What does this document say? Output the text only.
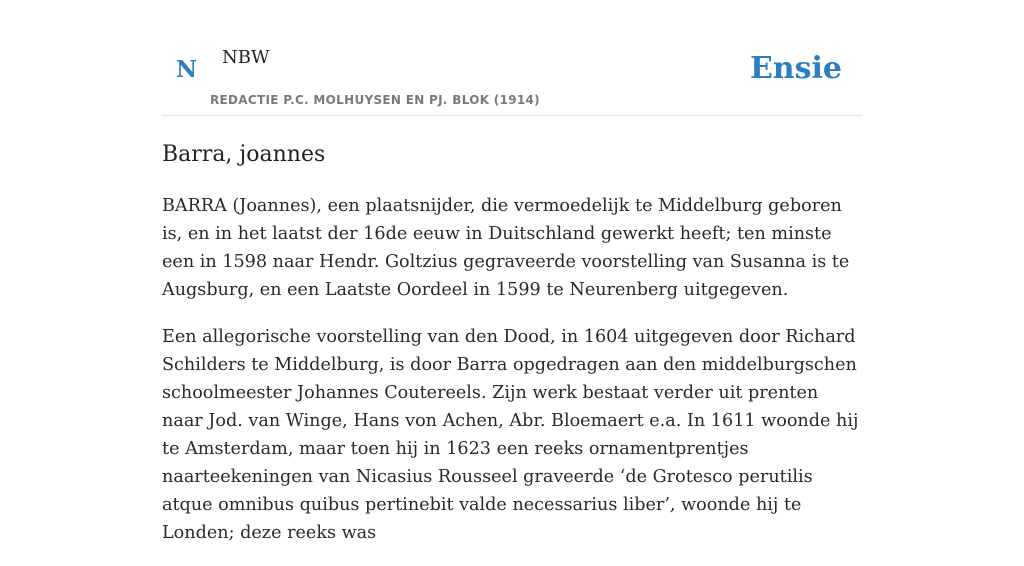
N NBW
REDACTIE P.C. MOLHUYSEN EN PJ. BLOK (1914)
Ensie
Barra, joannes

BARRA (Joannes), een plaatsnijder, die vermoedelijk te Middelburg geboren is, en in het laatst der 16de eeuw in Duitschland gewerkt heeft; ten minste een in 1598 naar Hendr. Goltzius gegraveerde voorstelling van Susanna is te Augsburg, en een Laatste Oordeel in 1599 te Neurenberg uitgegeven.

Een allegorische voorstelling van den Dood, in 1604 uitgegeven door Richard Schilders te Middelburg, is door Barra opgedragen aan den middelburgschen schoolmeester Johannes Coutereels. Zijn werk bestaat verder uit prenten naar Jod. van Winge, Hans von Achen, Abr. Bloemaert e.a. In 1611 woonde hij te Amsterdam, maar toen hij in 1623 een reeks ornamentprentjes naarteekeningen van Nicasius Rousseel graveerde ‘de Grotesco perutilis atque omnibus quibus pertinebit valde necessarius liber’, woonde hij te Londen; deze reeks was
